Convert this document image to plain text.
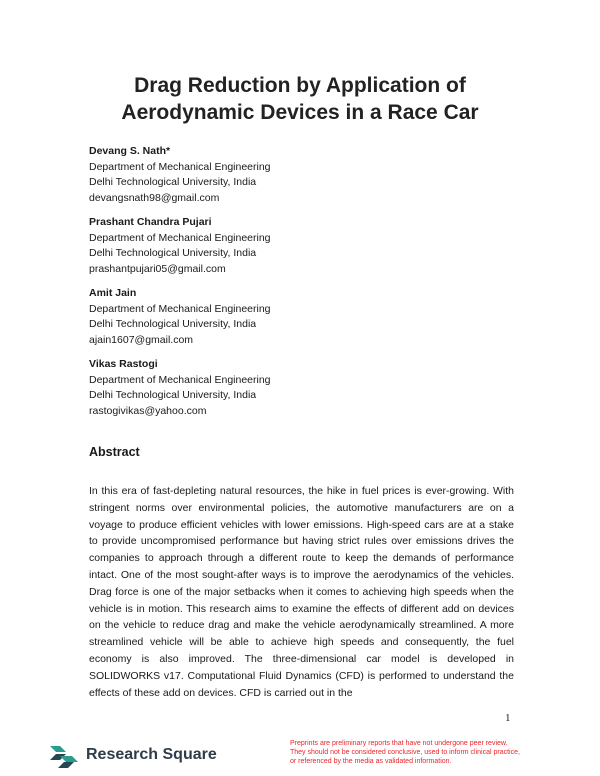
Drag Reduction by Application of
Aerodynamic Devices in a Race Car
Devang S. Nath*
Department of Mechanical Engineering
Delhi Technological University, India
devangsnath98@gmail.com
Prashant Chandra Pujari
Department of Mechanical Engineering
Delhi Technological University, India
prashantpujari05@gmail.com
Amit Jain
Department of Mechanical Engineering
Delhi Technological University, India
ajain1607@gmail.com
Vikas Rastogi
Department of Mechanical Engineering
Delhi Technological University, India
rastogivikas@yahoo.com
Abstract
In this era of fast-depleting natural resources, the hike in fuel prices is ever-growing. With stringent norms over environmental policies, the automotive manufacturers are on a voyage to produce efficient vehicles with lower emissions. High-speed cars are at a stake to provide uncompromised performance but having strict rules over emissions drives the companies to approach through a different route to keep the demands of performance intact. One of the most sought-after ways is to improve the aerodynamics of the vehicles. Drag force is one of the major setbacks when it comes to achieving high speeds when the vehicle is in motion. This research aims to examine the effects of different add on devices on the vehicle to reduce drag and make the vehicle aerodynamically streamlined. A more streamlined vehicle will be able to achieve high speeds and consequently, the fuel economy is also improved. The three-dimensional car model is developed in SOLIDWORKS v17. Computational Fluid Dynamics (CFD) is performed to understand the effects of these add on devices. CFD is carried out in the
1
Research Square
Preprints are preliminary reports that have not undergone peer review.
They should not be considered conclusive, used to inform clinical practice,
or referenced by the media as validated information.
